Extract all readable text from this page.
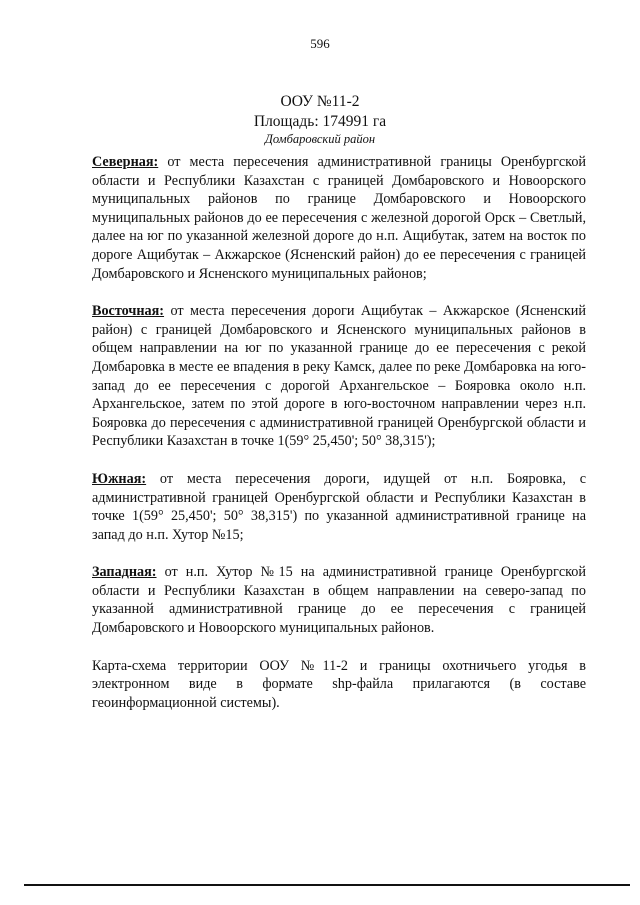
596
ООУ №11-2
Площадь: 174991 га
Домбаровский район

Северная: от места пересечения административной границы Оренбургской области и Республики Казахстан с границей Домбаровского и Новоорского муниципальных районов по границе Домбаровского и Новоорского муниципальных районов до ее пересечения с железной дорогой Орск – Светлый, далее на юг по указанной железной дороге до н.п. Ащибутак, затем на восток по дороге Ащибутак – Акжарское (Ясненский район) до ее пересечения с границей Домбаровского и Ясненского муниципальных районов;

Восточная: от места пересечения дороги Ащибутак – Акжарское (Ясненский район) с границей Домбаровского и Ясненского муниципальных районов в общем направлении на юг по указанной границе до ее пересечения с рекой Домбаровка в месте ее впадения в реку Камск, далее по реке Домбаровка на юго-запад до ее пересечения с дорогой Архангельское – Бояровка около н.п. Архангельское, затем по этой дороге в юго-восточном направлении через н.п. Бояровка до пересечения с административной границей Оренбургской области и Республики Казахстан в точке 1(59° 25,450'; 50° 38,315');

Южная: от места пересечения дороги, идущей от н.п. Бояровка, с административной границей Оренбургской области и Республики Казахстан в точке 1(59° 25,450'; 50° 38,315') по указанной административной границе на запад до н.п. Хутор №15;

Западная: от н.п. Хутор №15 на административной границе Оренбургской области и Республики Казахстан в общем направлении на северо-запад по указанной административной границе до ее пересечения с границей Домбаровского и Новоорского муниципальных районов.

Карта-схема территории ООУ №11-2 и границы охотничьего угодья в электронном виде в формате shp-файла прилагаются (в составе геоинформационной системы).
